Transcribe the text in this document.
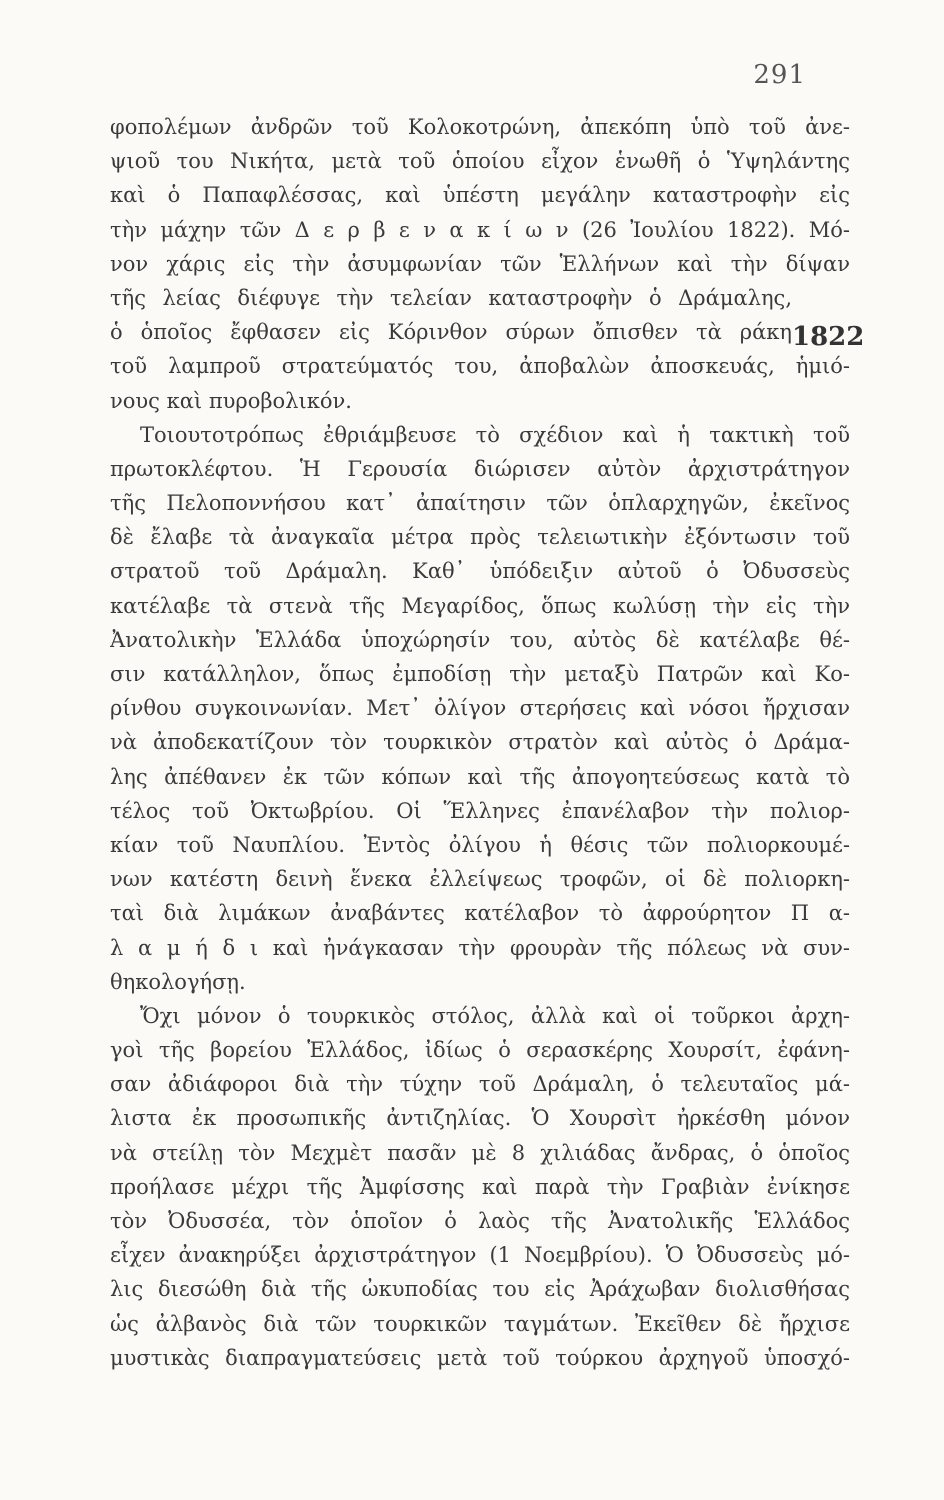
291
1822
φοπολέμων ἀνδρῶν τοῦ Κολοκοτρώνη, ἀπεκόπη ὑπὸ τοῦ ἀνε-
ψιοῦ του Νικήτα, μετὰ τοῦ ὁποίου εἶχον ἑνωθῆ ὁ Ὑψηλάντης
καὶ ὁ Παπαφλέσσας, καὶ ὑπέστη μεγάλην καταστροφὴν εἰς
τὴν μάχην τῶν Δ ε ρ β ε ν α κ ί ω ν (26 Ἰουλίου 1822). Μό-
νον χάρις εἰς τὴν ἀσυμφωνίαν τῶν Ἑλλήνων καὶ τὴν δίψαν
τῆς λείας διέφυγε τὴν τελείαν καταστροφὴν ὁ Δράμαλης,
ὁ ὁποῖος ἔφθασεν εἰς Κόρινθον σύρων ὄπισθεν τὰ ράκη
τοῦ λαμπροῦ στρατεύματός του, ἀποβαλὼν ἀποσκευάς, ἡμιό-
νους καὶ πυροβολικόν.
Τοιουτοτρόπως ἐθριάμβευσε τὸ σχέδιον καὶ ἡ τακτικὴ τοῦ
πρωτοκλέφτου. Ἡ Γερουσία διώρισεν αὐτὸν ἀρχιστράτηγον
τῆς Πελοποννήσου κατ᾽ ἀπαίτησιν τῶν ὁπλαρχηγῶν, ἐκεῖνος
δὲ ἔλαβε τὰ ἀναγκαῖα μέτρα πρὸς τελειωτικὴν ἐξόντωσιν τοῦ
στρατοῦ τοῦ Δράμαλη. Καθ᾽ ὑπόδειξιν αὐτοῦ ὁ Ὀδυσσεὺς
κατέλαβε τὰ στενὰ τῆς Μεγαρίδος, ὅπως κωλύσῃ τὴν εἰς τὴν
Ἀνατολικὴν Ἑλλάδα ὑποχώρησίν του, αὐτὸς δὲ κατέλαβε θέ-
σιν κατάλληλον, ὅπως ἐμποδίσῃ τὴν μεταξὺ Πατρῶν καὶ Κο-
ρίνθου συγκοινωνίαν. Μετ᾽ ὀλίγον στερήσεις καὶ νόσοι ἤρχισαν
νὰ ἀποδεκατίζουν τὸν τουρκικὸν στρατὸν καὶ αὐτὸς ὁ Δράμα-
λης ἀπέθανεν ἐκ τῶν κόπων καὶ τῆς ἀπογοητεύσεως κατὰ τὸ
τέλος τοῦ Ὀκτωβρίου. Οἱ Ἕλληνες ἐπανέλαβον τὴν πολιορ-
κίαν τοῦ Ναυπλίου. Ἐντὸς ὀλίγου ἡ θέσις τῶν πολιορκουμέ-
νων κατέστη δεινὴ ἕνεκα ἐλλείψεως τροφῶν, οἱ δὲ πολιορκη-
ταὶ διὰ λιμάκων ἀναβάντες κατέλαβον τὸ ἀφρούρητον Π α-
λ α μ ή δ ι καὶ ἠνάγκασαν τὴν φρουρὰν τῆς πόλεως νὰ συν-
θηκολογήσῃ.
Ὄχι μόνον ὁ τουρκικὸς στόλος, ἀλλὰ καὶ οἱ τοῦρκοι ἀρχη-
γοὶ τῆς βορείου Ἑλλάδος, ἰδίως ὁ σερασκέρης Χουρσίτ, ἐφάνη-
σαν ἀδιάφοροι διὰ τὴν τύχην τοῦ Δράμαλη, ὁ τελευταῖος μά-
λιστα ἐκ προσωπικῆς ἀντιζηλίας. Ὁ Χουρσὶτ ἠρκέσθη μόνον
νὰ στείλῃ τὸν Μεχμὲτ πασᾶν μὲ 8 χιλιάδας ἄνδρας, ὁ ὁποῖος
προήλασε μέχρι τῆς Ἀμφίσσης καὶ παρὰ τὴν Γραβιὰν ἐνίκησε
τὸν Ὀδυσσέα, τὸν ὁποῖον ὁ λαὸς τῆς Ἀνατολικῆς Ἑλλάδος
εἶχεν ἀνακηρύξει ἀρχιστράτηγον (1 Νοεμβρίου). Ὁ Ὀδυσσεὺς μό-
λις διεσώθη διὰ τῆς ὠκυποδίας του εἰς Ἀράχωβαν διολισθήσας
ὡς ἀλβανὸς διὰ τῶν τουρκικῶν ταγμάτων. Ἐκεῖθεν δὲ ἤρχισε
μυστικὰς διαπραγματεύσεις μετὰ τοῦ τούρκου ἀρχηγοῦ ὑποσχό-
